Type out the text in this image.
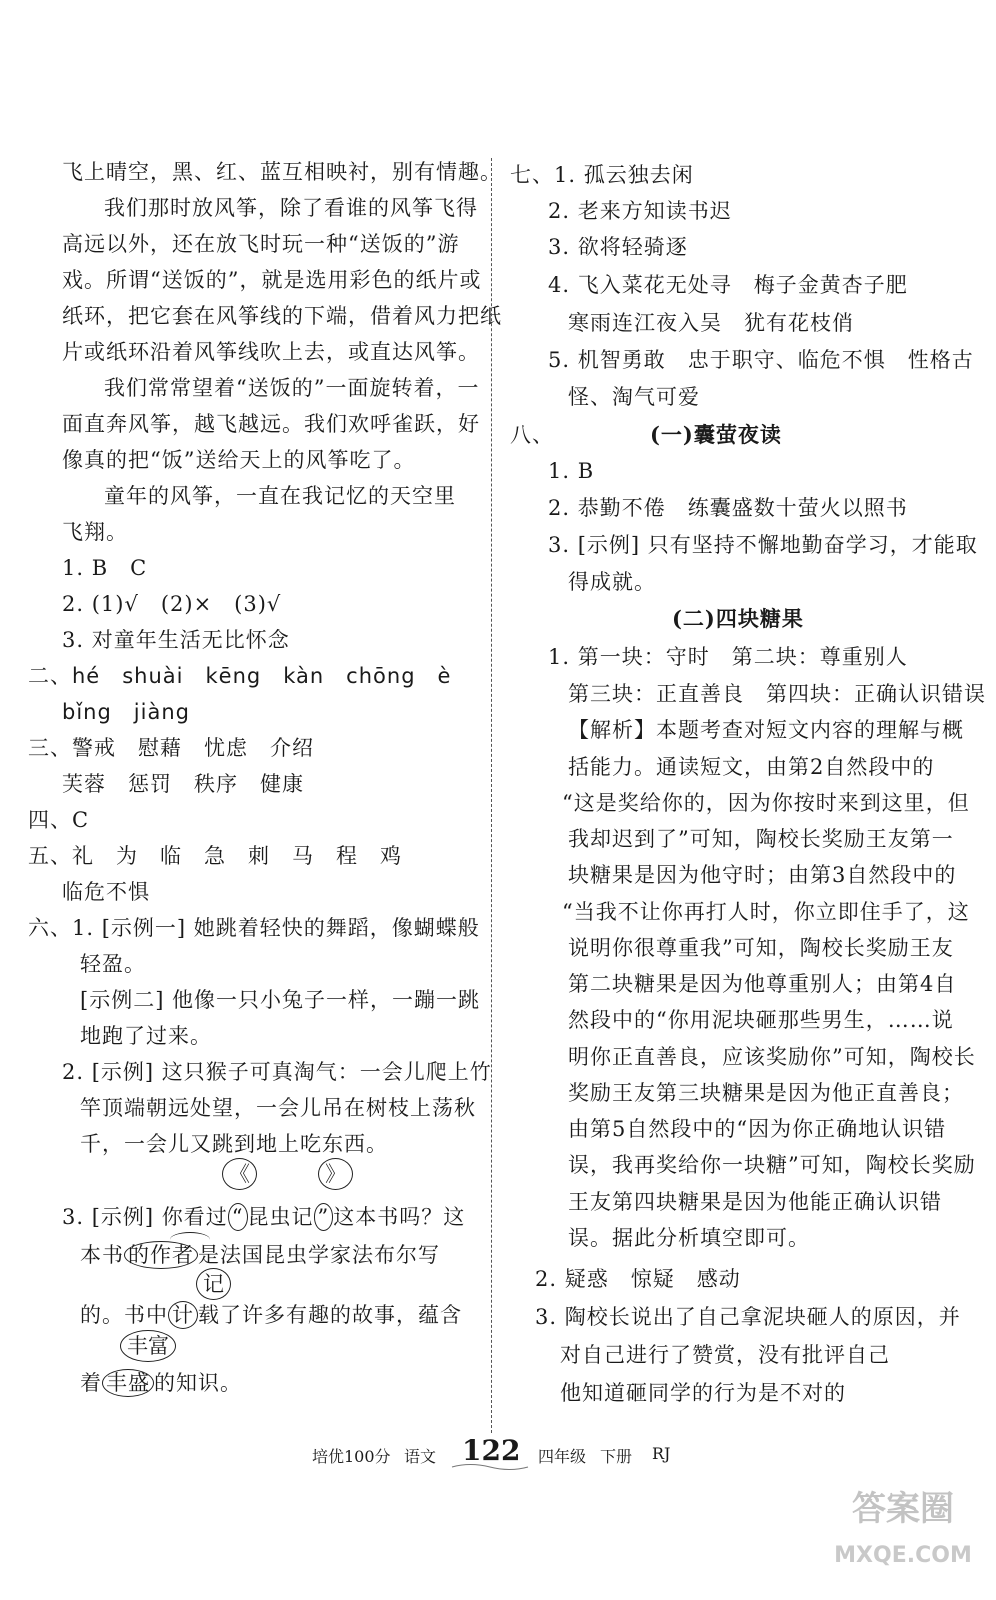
飞上晴空，黑、红、蓝互相映衬，别有情趣。
我们那时放风筝，除了看谁的风筝飞得
高远以外，还在放飞时玩一种“送饭的”游
戏。所谓“送饭的”，就是选用彩色的纸片或
纸环，把它套在风筝线的下端，借着风力把纸
片或纸环沿着风筝线吹上去，或直达风筝。
我们常常望着“送饭的”一面旋转着，一
面直奔风筝，越飞越远。我们欢呼雀跃，好
像真的把“饭”送给天上的风筝吃了。
童年的风筝，一直在我记忆的天空里
飞翔。
1. B　C
2. (1)√　(2)×　(3)√
3. 对童年生活无比怀念
二、hé　shuài　kēng　kàn　chōng　è
bǐng　jiàng
三、警戒　慰藉　忧虑　介绍
芙蓉　惩罚　秩序　健康
四、C
五、礼　为　临　急　刺　马　程　鸡
临危不惧
六、1. [示例一] 她跳着轻快的舞蹈，像蝴蝶般
轻盈。
[示例二] 他像一只小兔子一样，一蹦一跳
地跑了过来。
2. [示例] 这只猴子可真淘气：一会儿爬上竹
竿顶端朝远处望，一会儿吊在树枝上荡秋
千，一会儿又跳到地上吃东西。
《	》
3. [示例] 你看过 “ 昆虫记 ” 这本书吗？这
本书 的作者 是法国昆虫学家法布尔写
记
的。书中 计 载了许多有趣的故事，蕴含
丰富
着 丰盛 的知识。
七、1. 孤云独去闲
2. 老来方知读书迟
3. 欲将轻骑逐
4. 飞入菜花无处寻　梅子金黄杏子肥
寒雨连江夜入吴　犹有花枝俏
5. 机智勇敢　忠于职守、临危不惧　性格古
怪、淘气可爱
八、	(一)囊萤夜读
1. B
2. 恭勤不倦　练囊盛数十萤火以照书
3. [示例] 只有坚持不懈地勤奋学习，才能取
得成就。
(二)四块糖果
1. 第一块：守时　第二块：尊重别人
第三块：正直善良　第四块：正确认识错误
【解析】本题考查对短文内容的理解与概
括能力。通读短文，由第2自然段中的
“这是奖给你的，因为你按时来到这里，但
我却迟到了”可知，陶校长奖励王友第一
块糖果是因为他守时；由第3自然段中的
“当我不让你再打人时，你立即住手了，这
说明你很尊重我”可知，陶校长奖励王友
第二块糖果是因为他尊重别人；由第4自
然段中的“你用泥块砸那些男生，……说
明你正直善良，应该奖励你”可知，陶校长
奖励王友第三块糖果是因为他正直善良；
由第5自然段中的“因为你正确地认识错
误，我再奖给你一块糖”可知，陶校长奖励
王友第四块糖果是因为他能正确认识错
误。据此分析填空即可。
2. 疑惑　惊疑　感动
3. 陶校长说出了自己拿泥块砸人的原因，并
对自己进行了赞赏，没有批评自己
他知道砸同学的行为是不对的
培优100分 语文 122 四年级 下册 RJ
答案圈
MXQE.COM
